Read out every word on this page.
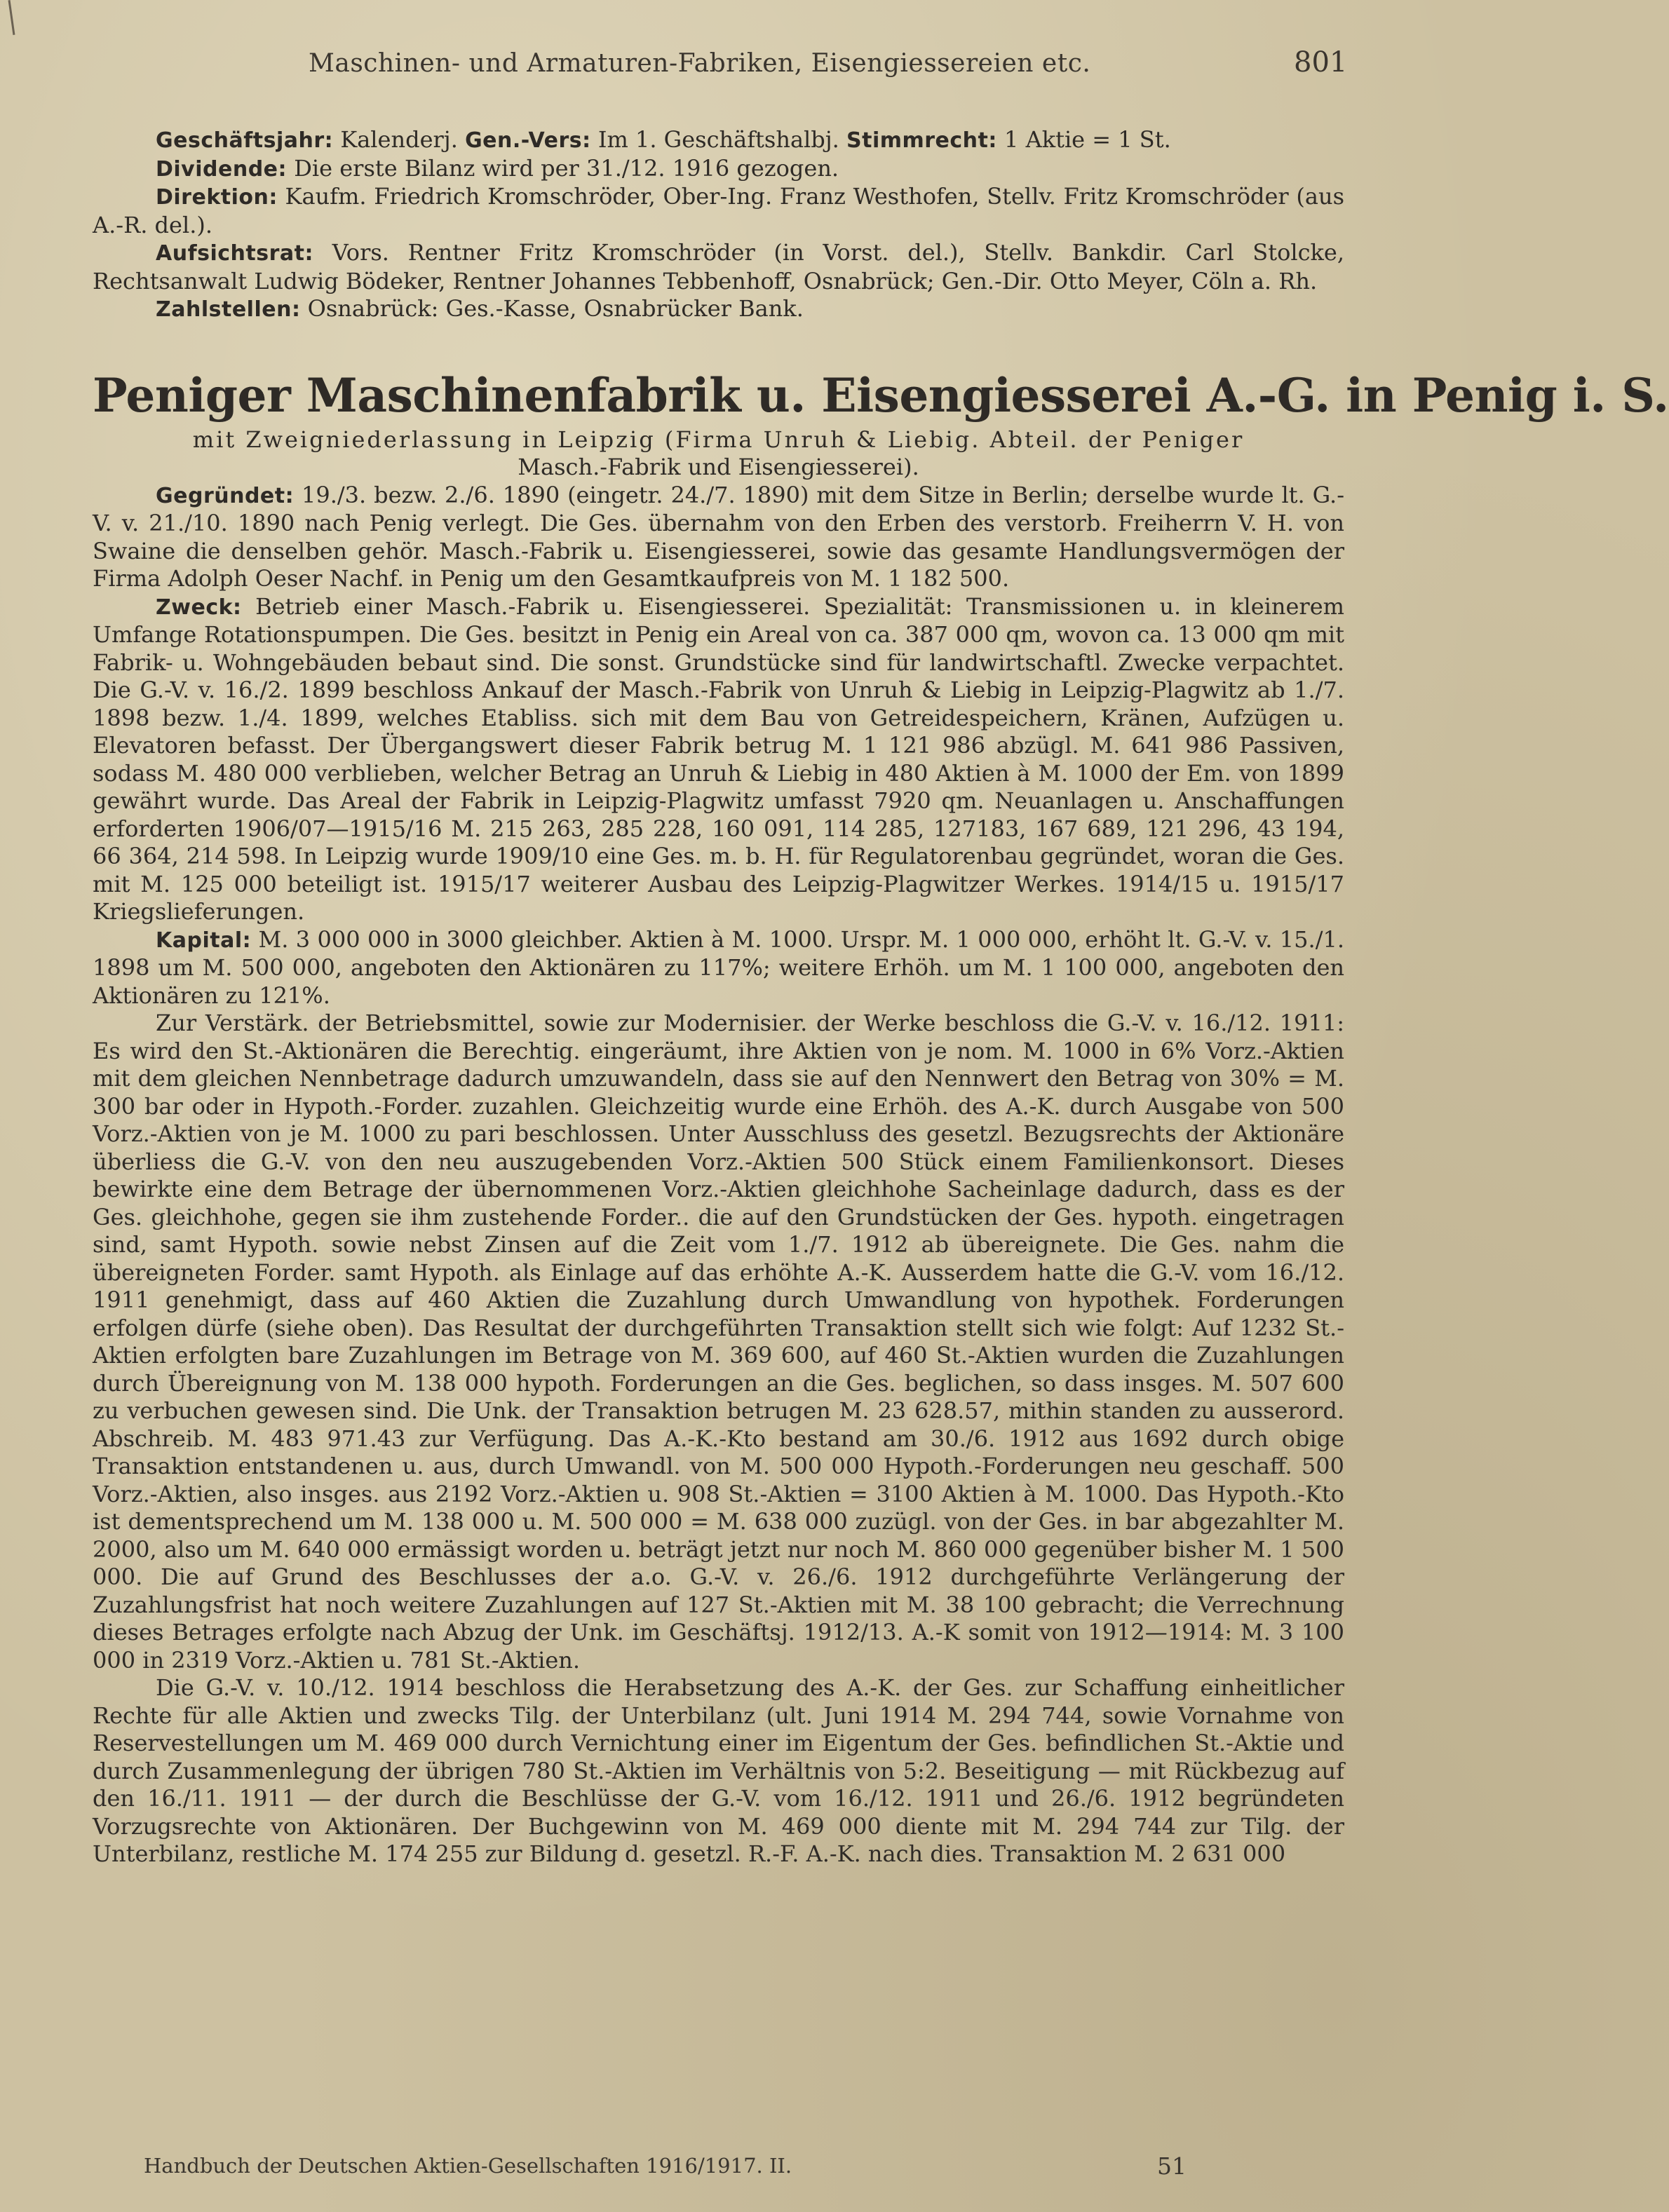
Maschinen- und Armaturen-Fabriken, Eisengiessereien etc.	801

Geschäftsjahr: Kalenderj. Gen.-Vers: Im 1. Geschäftshalbj. Stimmrecht: 1 Aktie = 1 St.

Dividende: Die erste Bilanz wird per 31./12. 1916 gezogen.

Direktion: Kaufm. Friedrich Kromschröder, Ober-Ing. Franz Westhofen, Stellv. Fritz Kromschröder (aus A.-R. del.).

Aufsichtsrat: Vors. Rentner Fritz Kromschröder (in Vorst. del.), Stellv. Bankdir. Carl Stolcke, Rechtsanwalt Ludwig Bödeker, Rentner Johannes Tebbenhoff, Osnabrück; Gen.-Dir. Otto Meyer, Cöln a. Rh.

Zahlstellen: Osnabrück: Ges.-Kasse, Osnabrücker Bank.

Peniger Maschinenfabrik u. Eisengiesserei A.-G. in Penig i. S.

mit Zweigniederlassung in Leipzig (Firma Unruh & Liebig. Abteil. der Peniger

Masch.-Fabrik und Eisengiesserei).

Gegründet: 19./3. bezw. 2./6. 1890 (eingetr. 24./7. 1890) mit dem Sitze in Berlin; derselbe wurde lt. G.-V. v. 21./10. 1890 nach Penig verlegt. Die Ges. übernahm von den Erben des verstorb. Freiherrn V. H. von Swaine die denselben gehör. Masch.-Fabrik u. Eisengiesserei, sowie das gesamte Handlungsvermögen der Firma Adolph Oeser Nachf. in Penig um den Gesamtkaufpreis von M. 1 182 500.

Zweck: Betrieb einer Masch.-Fabrik u. Eisengiesserei. Spezialität: Transmissionen u. in kleinerem Umfange Rotationspumpen. Die Ges. besitzt in Penig ein Areal von ca. 387 000 qm, wovon ca. 13 000 qm mit Fabrik- u. Wohngebäuden bebaut sind. Die sonst. Grundstücke sind für landwirtschaftl. Zwecke verpachtet. Die G.-V. v. 16./2. 1899 beschloss Ankauf der Masch.-Fabrik von Unruh & Liebig in Leipzig-Plagwitz ab 1./7. 1898 bezw. 1./4. 1899, welches Etabliss. sich mit dem Bau von Getreidespeichern, Kränen, Aufzügen u. Elevatoren befasst. Der Übergangswert dieser Fabrik betrug M. 1 121 986 abzügl. M. 641 986 Passiven, sodass M. 480 000 verblieben, welcher Betrag an Unruh & Liebig in 480 Aktien à M. 1000 der Em. von 1899 gewährt wurde. Das Areal der Fabrik in Leipzig-Plagwitz umfasst 7920 qm. Neuanlagen u. Anschaffungen erforderten 1906/07—1915/16 M. 215 263, 285 228, 160 091, 114 285, 127183, 167 689, 121 296, 43 194, 66 364, 214 598. In Leipzig wurde 1909/10 eine Ges. m. b. H. für Regulatorenbau gegründet, woran die Ges. mit M. 125 000 beteiligt ist. 1915/17 weiterer Ausbau des Leipzig-Plagwitzer Werkes. 1914/15 u. 1915/17 Kriegslieferungen.

Kapital: M. 3 000 000 in 3000 gleichber. Aktien à M. 1000. Urspr. M. 1 000 000, erhöht lt. G.-V. v. 15./1. 1898 um M. 500 000, angeboten den Aktionären zu 117%; weitere Erhöh. um M. 1 100 000, angeboten den Aktionären zu 121%.

Zur Verstärk. der Betriebsmittel, sowie zur Modernisier. der Werke beschloss die G.-V. v. 16./12. 1911: Es wird den St.-Aktionären die Berechtig. eingeräumt, ihre Aktien von je nom. M. 1000 in 6% Vorz.-Aktien mit dem gleichen Nennbetrage dadurch umzuwandeln, dass sie auf den Nennwert den Betrag von 30% = M. 300 bar oder in Hypoth.-Forder. zuzahlen. Gleichzeitig wurde eine Erhöh. des A.-K. durch Ausgabe von 500 Vorz.-Aktien von je M. 1000 zu pari beschlossen. Unter Ausschluss des gesetzl. Bezugsrechts der Aktionäre überliess die G.-V. von den neu auszugebenden Vorz.-Aktien 500 Stück einem Familienkonsort. Dieses bewirkte eine dem Betrage der übernommenen Vorz.-Aktien gleichhohe Sacheinlage dadurch, dass es der Ges. gleichhohe, gegen sie ihm zustehende Forder.. die auf den Grundstücken der Ges. hypoth. eingetragen sind, samt Hypoth. sowie nebst Zinsen auf die Zeit vom 1./7. 1912 ab übereignete. Die Ges. nahm die übereigneten Forder. samt Hypoth. als Einlage auf das erhöhte A.-K. Ausserdem hatte die G.-V. vom 16./12. 1911 genehmigt, dass auf 460 Aktien die Zuzahlung durch Umwandlung von hypothek. Forderungen erfolgen dürfe (siehe oben). Das Resultat der durchgeführten Transaktion stellt sich wie folgt: Auf 1232 St.-Aktien erfolgten bare Zuzahlungen im Betrage von M. 369 600, auf 460 St.-Aktien wurden die Zuzahlungen durch Übereignung von M. 138 000 hypoth. Forderungen an die Ges. beglichen, so dass insges. M. 507 600 zu verbuchen gewesen sind. Die Unk. der Transaktion betrugen M. 23 628.57, mithin standen zu ausserord. Abschreib. M. 483 971.43 zur Verfügung. Das A.-K.-Kto bestand am 30./6. 1912 aus 1692 durch obige Transaktion entstandenen u. aus, durch Umwandl. von M. 500 000 Hypoth.-Forderungen neu geschaff. 500 Vorz.-Aktien, also insges. aus 2192 Vorz.-Aktien u. 908 St.-Aktien = 3100 Aktien à M. 1000. Das Hypoth.-Kto ist dementsprechend um M. 138 000 u. M. 500 000 = M. 638 000 zuzügl. von der Ges. in bar abgezahlter M. 2000, also um M. 640 000 ermässigt worden u. beträgt jetzt nur noch M. 860 000 gegenüber bisher M. 1 500 000. Die auf Grund des Beschlusses der a.o. G.-V. v. 26./6. 1912 durchgeführte Verlängerung der Zuzahlungsfrist hat noch weitere Zuzahlungen auf 127 St.-Aktien mit M. 38 100 gebracht; die Verrechnung dieses Betrages erfolgte nach Abzug der Unk. im Geschäftsj. 1912/13. A.-K somit von 1912—1914: M. 3 100 000 in 2319 Vorz.-Aktien u. 781 St.-Aktien.

Die G.-V. v. 10./12. 1914 beschloss die Herabsetzung des A.-K. der Ges. zur Schaffung einheitlicher Rechte für alle Aktien und zwecks Tilg. der Unterbilanz (ult. Juni 1914 M. 294 744, sowie Vornahme von Reservestellungen um M. 469 000 durch Vernichtung einer im Eigentum der Ges. befindlichen St.-Aktie und durch Zusammenlegung der übrigen 780 St.-Aktien im Verhältnis von 5:2. Beseitigung — mit Rückbezug auf den 16./11. 1911 — der durch die Beschlüsse der G.-V. vom 16./12. 1911 und 26./6. 1912 begründeten Vorzugsrechte von Aktionären. Der Buchgewinn von M. 469 000 diente mit M. 294 744 zur Tilg. der Unterbilanz, restliche M. 174 255 zur Bildung d. gesetzl. R.-F. A.-K. nach dies. Transaktion M. 2 631 000

Handbuch der Deutschen Aktien-Gesellschaften 1916/1917. II.	51
